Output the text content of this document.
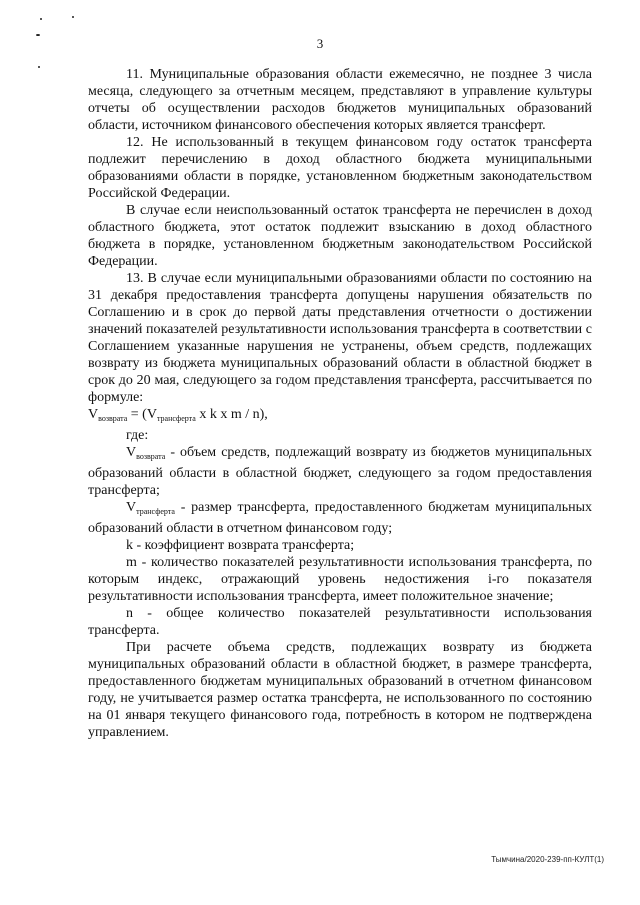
3

11. Муниципальные образования области ежемесячно, не позднее 3 числа месяца, следующего за отчетным месяцем, представляют в управление культуры отчеты об осуществлении расходов бюджетов муниципальных образований области, источником финансового обеспечения которых является трансферт.

12. Не использованный в текущем финансовом году остаток трансферта подлежит перечислению в доход областного бюджета муниципальными образованиями области в порядке, установленном бюджетным законодательством Российской Федерации.

В случае если неиспользованный остаток трансферта не перечислен в доход областного бюджета, этот остаток подлежит взысканию в доход областного бюджета в порядке, установленном бюджетным законодательством Российской Федерации.

13. В случае если муниципальными образованиями области по состоянию на 31 декабря предоставления трансферта допущены нарушения обязательств по Соглашению и в срок до первой даты представления отчетности о достижении значений показателей результативности использования трансферта в соответствии с Соглашением указанные нарушения не устранены, объем средств, подлежащих возврату из бюджета муниципальных образований области в областной бюджет в срок до 20 мая, следующего за годом представления трансферта, рассчитывается по формуле:

$V_{возврата} = (V_{трансферта}$ x k x m / n),

где:

$V_{возврата}$ - объем средств, подлежащий возврату из бюджетов муниципальных образований области в областной бюджет, следующего за годом предоставления трансферта;

$V_{трансферта}$ - размер трансферта, предоставленного бюджетам муниципальных образований области в отчетном финансовом году;

k - коэффициент возврата трансферта;

m - количество показателей результативности использования трансферта, по которым индекс, отражающий уровень недостижения i-го показателя результативности использования трансферта, имеет положительное значение;

n - общее количество показателей результативности использования трансферта.

При расчете объема средств, подлежащих возврату из бюджета муниципальных образований области в областной бюджет, в размере трансферта, предоставленного бюджетам муниципальных образований в отчетном финансовом году, не учитывается размер остатка трансферта, не использованного по состоянию на 01 января текущего финансового года, потребность в котором не подтверждена управлением.

Тымчина/2020-239-пп-КУЛТ(1)
